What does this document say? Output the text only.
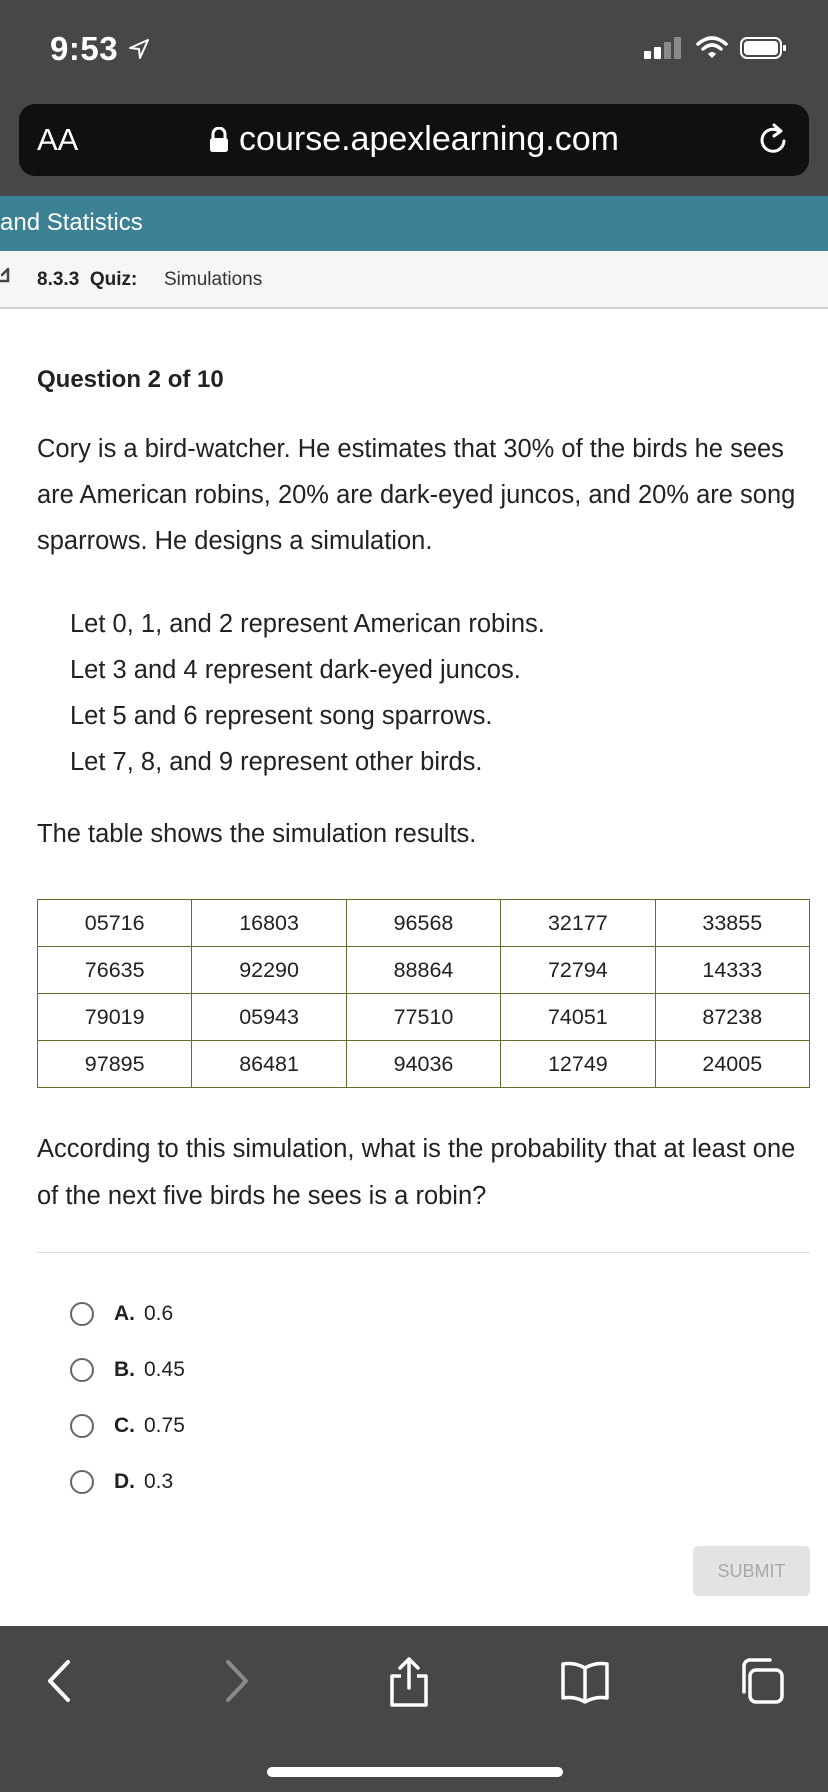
9:53
AA	course.apexlearning.com
and Statistics
8.3.3 Quiz: Simulations
Question 2 of 10
Cory is a bird-watcher. He estimates that 30% of the birds he sees are American robins, 20% are dark-eyed juncos, and 20% are song sparrows. He designs a simulation.
Let 0, 1, and 2 represent American robins.
Let 3 and 4 represent dark-eyed juncos.
Let 5 and 6 represent song sparrows.
Let 7, 8, and 9 represent other birds.
The table shows the simulation results.
05716	16803	96568	32177	33855
76635	92290	88864	72794	14333
79019	05943	77510	74051	87238
97895	86481	94036	12749	24005
According to this simulation, what is the probability that at least one of the next five birds he sees is a robin?
A. 0.6
B. 0.45
C. 0.75
D. 0.3
SUBMIT
